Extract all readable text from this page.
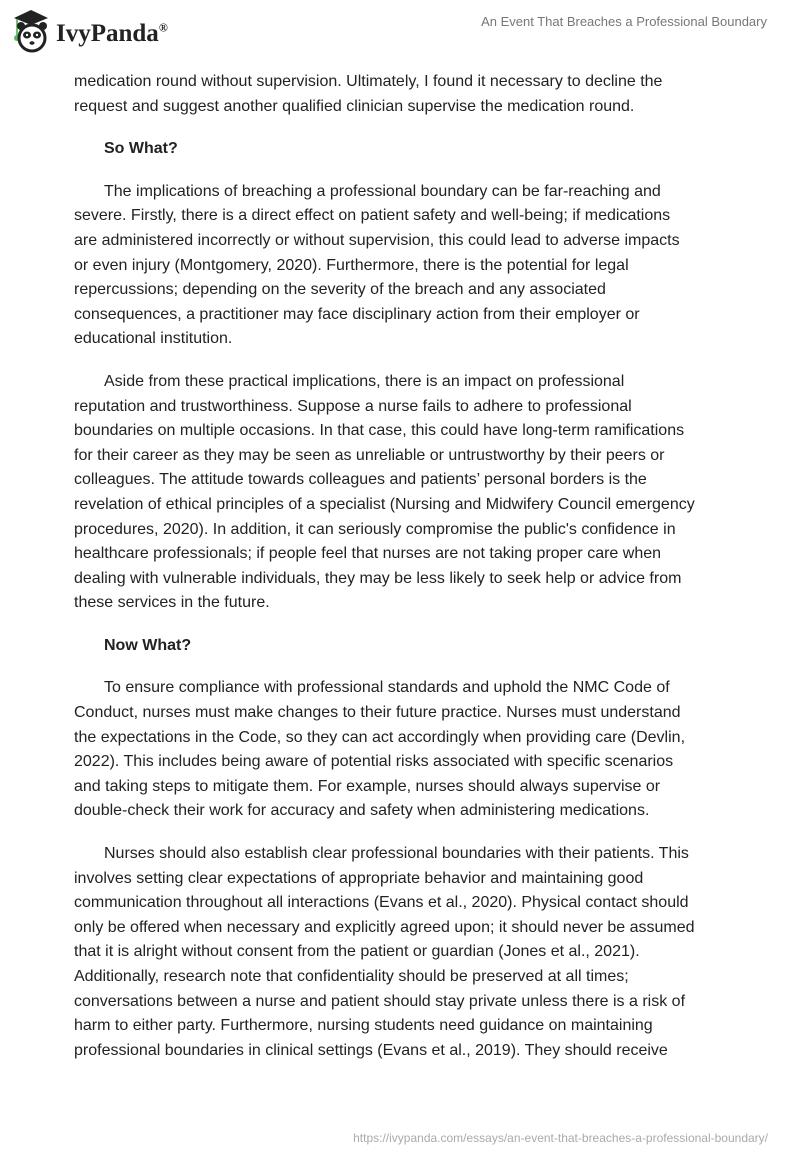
IvyPanda®	An Event That Breaches a Professional Boundary
medication round without supervision. Ultimately, I found it necessary to decline the
request and suggest another qualified clinician supervise the medication round.
So What?
The implications of breaching a professional boundary can be far-reaching and
severe. Firstly, there is a direct effect on patient safety and well-being; if medications
are administered incorrectly or without supervision, this could lead to adverse impacts
or even injury (Montgomery, 2020). Furthermore, there is the potential for legal
repercussions; depending on the severity of the breach and any associated
consequences, a practitioner may face disciplinary action from their employer or
educational institution.
Aside from these practical implications, there is an impact on professional
reputation and trustworthiness. Suppose a nurse fails to adhere to professional
boundaries on multiple occasions. In that case, this could have long-term ramifications
for their career as they may be seen as unreliable or untrustworthy by their peers or
colleagues. The attitude towards colleagues and patients’ personal borders is the
revelation of ethical principles of a specialist (Nursing and Midwifery Council emergency
procedures, 2020). In addition, it can seriously compromise the public's confidence in
healthcare professionals; if people feel that nurses are not taking proper care when
dealing with vulnerable individuals, they may be less likely to seek help or advice from
these services in the future.
Now What?
To ensure compliance with professional standards and uphold the NMC Code of
Conduct, nurses must make changes to their future practice. Nurses must understand
the expectations in the Code, so they can act accordingly when providing care (Devlin,
2022). This includes being aware of potential risks associated with specific scenarios
and taking steps to mitigate them. For example, nurses should always supervise or
double-check their work for accuracy and safety when administering medications.
Nurses should also establish clear professional boundaries with their patients. This
involves setting clear expectations of appropriate behavior and maintaining good
communication throughout all interactions (Evans et al., 2020). Physical contact should
only be offered when necessary and explicitly agreed upon; it should never be assumed
that it is alright without consent from the patient or guardian (Jones et al., 2021).
Additionally, research note that confidentiality should be preserved at all times;
conversations between a nurse and patient should stay private unless there is a risk of
harm to either party. Furthermore, nursing students need guidance on maintaining
professional boundaries in clinical settings (Evans et al., 2019). They should receive
https://ivypanda.com/essays/an-event-that-breaches-a-professional-boundary/
